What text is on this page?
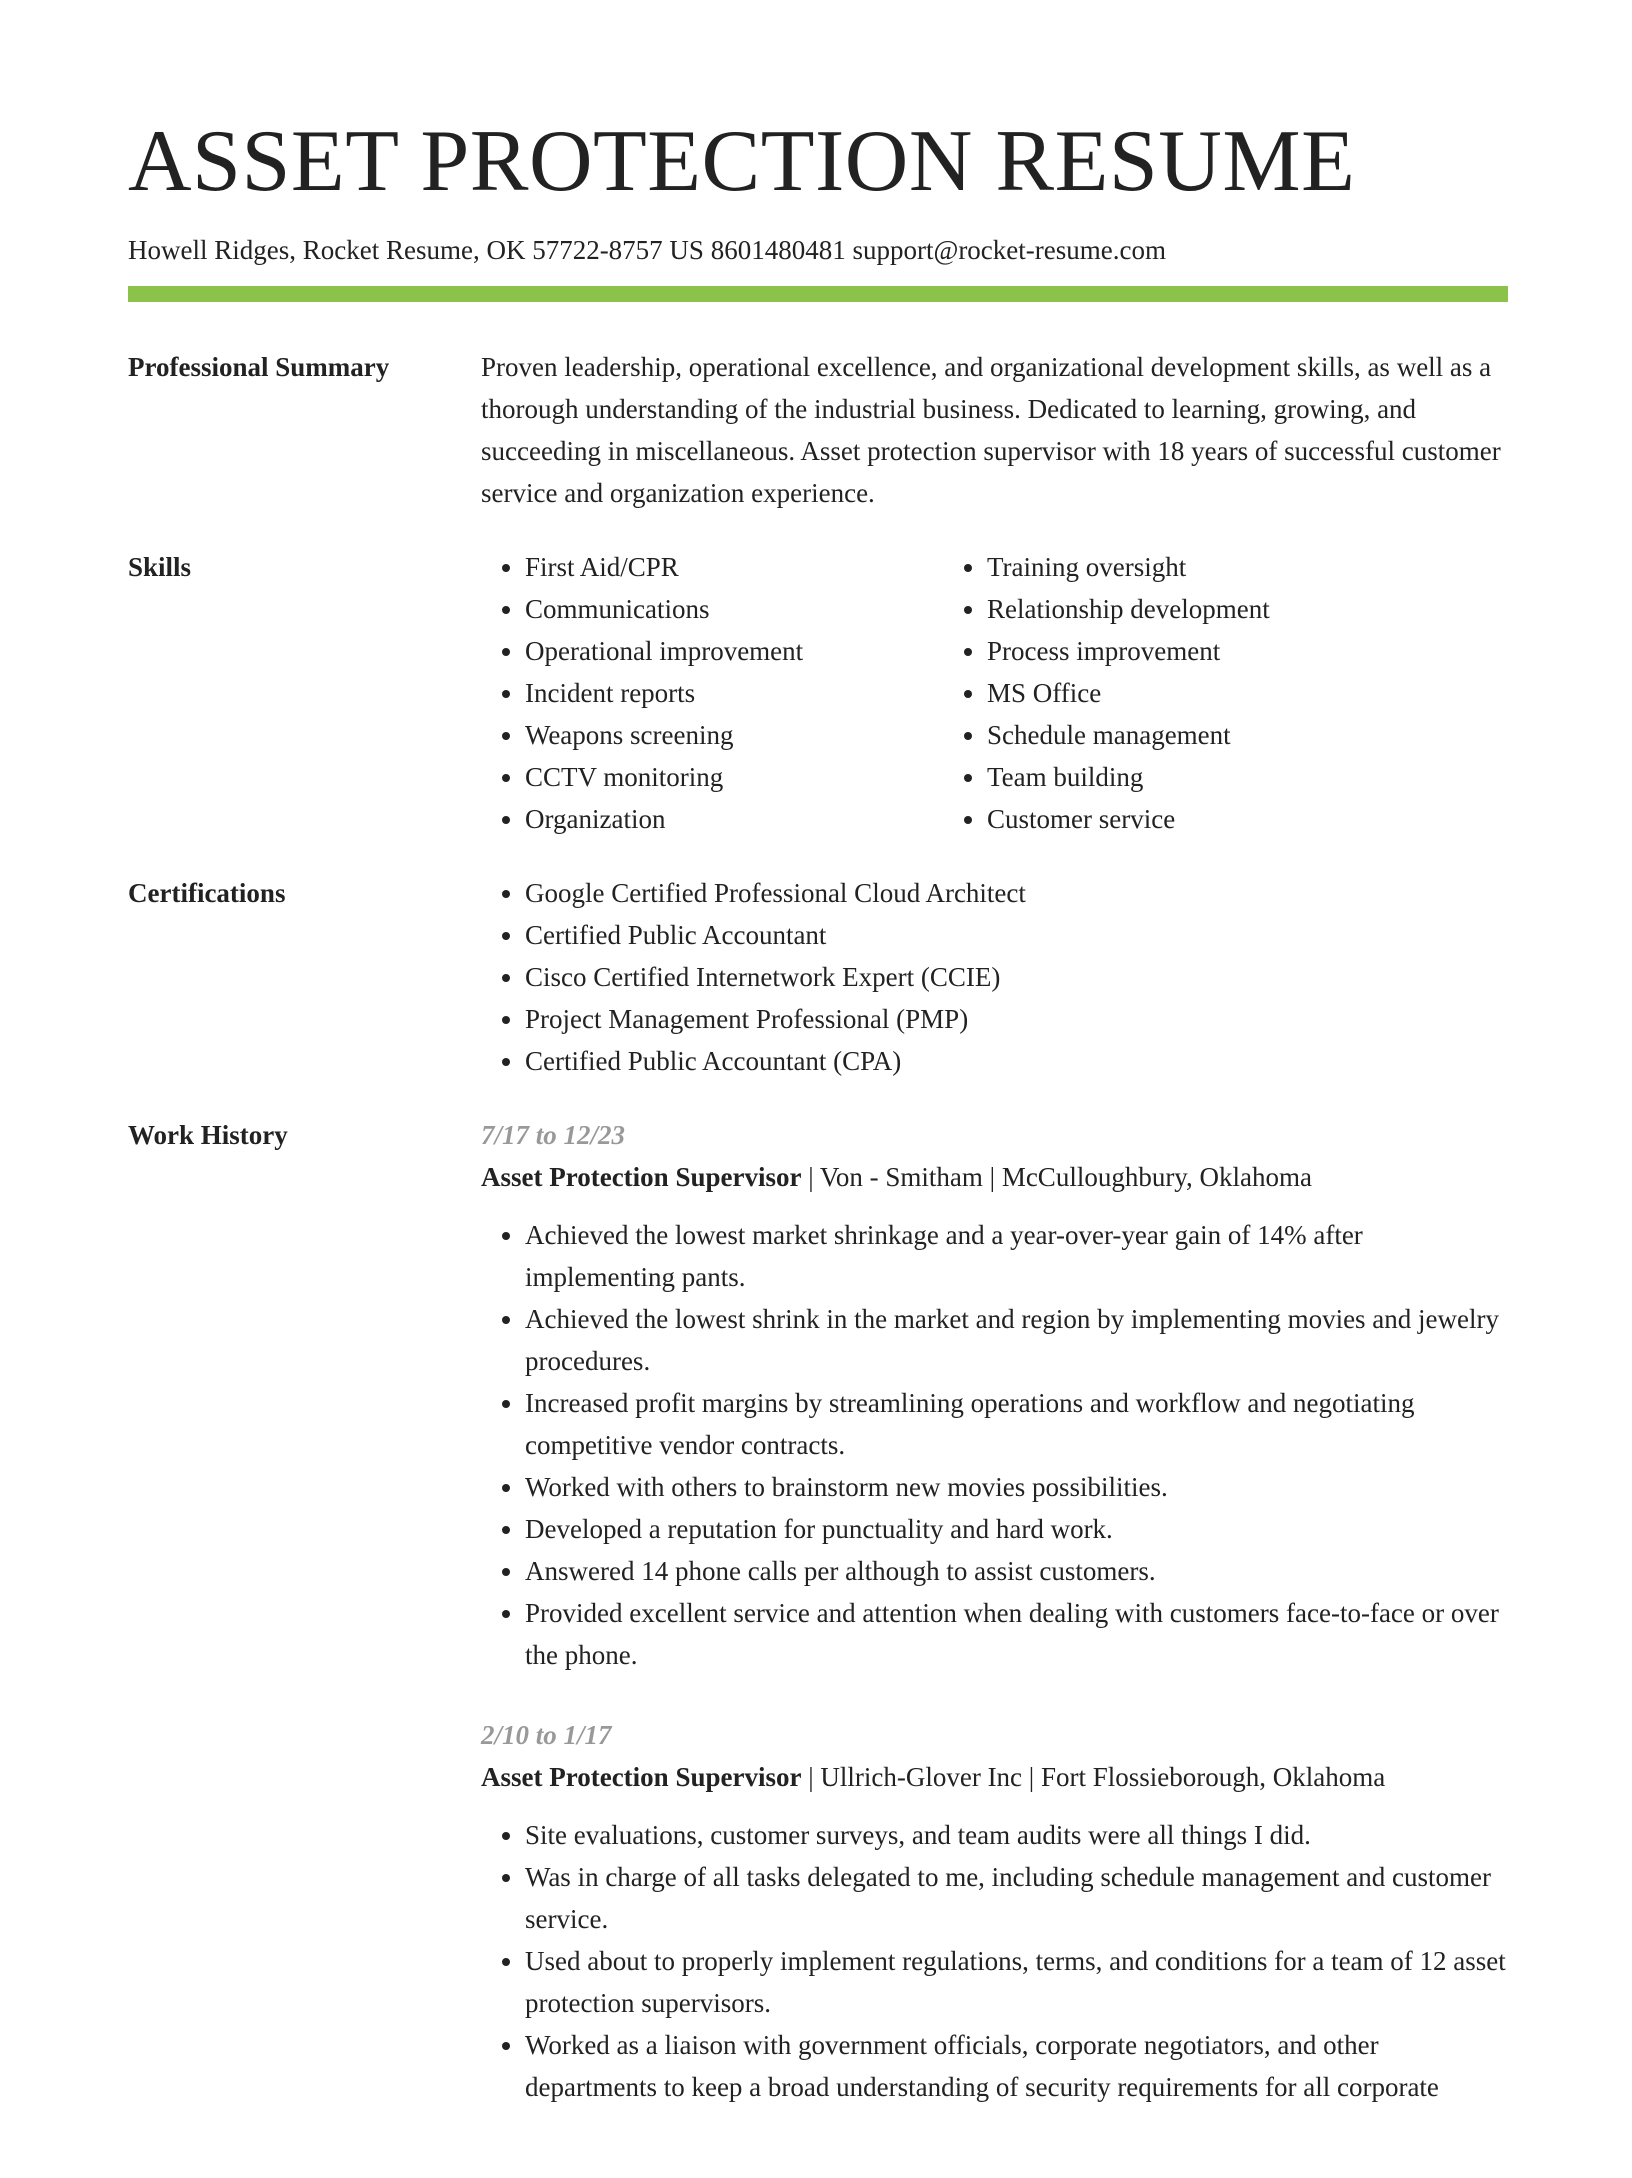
ASSET PROTECTION RESUME
Howell Ridges, Rocket Resume, OK 57722-8757 US 8601480481 support@rocket-resume.com
Professional Summary	Proven leadership, operational excellence, and organizational development skills, as well as a thorough understanding of the industrial business. Dedicated to learning, growing, and succeeding in miscellaneous. Asset protection supervisor with 18 years of successful customer service and organization experience.

Skills	• First Aid/CPR
• Communications
• Operational improvement
• Incident reports
• Weapons screening
• CCTV monitoring
• Organization
• Training oversight
• Relationship development
• Process improvement
• MS Office
• Schedule management
• Team building
• Customer service
Certifications	• Google Certified Professional Cloud Architect
• Certified Public Accountant
• Cisco Certified Internetwork Expert (CCIE)
• Project Management Professional (PMP)
• Certified Public Accountant (CPA)
Work History	7/17 to 12/23
Asset Protection Supervisor | Von - Smitham | McCulloughbury, Oklahoma
• Achieved the lowest market shrinkage and a year-over-year gain of 14% after implementing pants.
• Achieved the lowest shrink in the market and region by implementing movies and jewelry procedures.
• Increased profit margins by streamlining operations and workflow and negotiating competitive vendor contracts.
• Worked with others to brainstorm new movies possibilities.
• Developed a reputation for punctuality and hard work.
• Answered 14 phone calls per although to assist customers.
• Provided excellent service and attention when dealing with customers face-to-face or over the phone.
2/10 to 1/17
Asset Protection Supervisor | Ullrich-Glover Inc | Fort Flossieborough, Oklahoma
• Site evaluations, customer surveys, and team audits were all things I did.
• Was in charge of all tasks delegated to me, including schedule management and customer service.
• Used about to properly implement regulations, terms, and conditions for a team of 12 asset protection supervisors.
• Worked as a liaison with government officials, corporate negotiators, and other departments to keep a broad understanding of security requirements for all corporate
